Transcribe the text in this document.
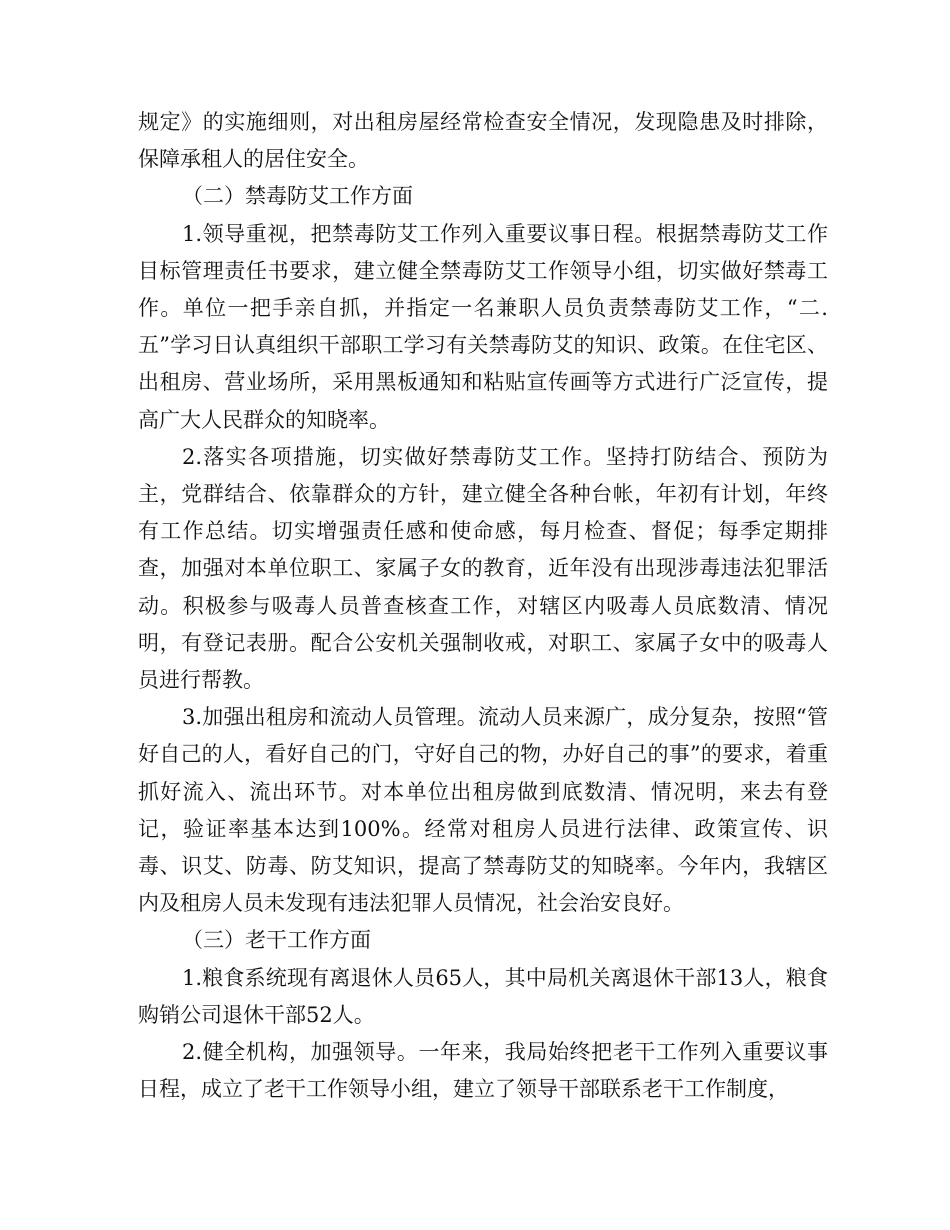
规定》的实施细则，对出租房屋经常检查安全情况，发现隐患及时排除，保障承租人的居住安全。

（二）禁毒防艾工作方面

1.领导重视，把禁毒防艾工作列入重要议事日程。根据禁毒防艾工作目标管理责任书要求，建立健全禁毒防艾工作领导小组，切实做好禁毒工作。单位一把手亲自抓，并指定一名兼职人员负责禁毒防艾工作，“二.五”学习日认真组织干部职工学习有关禁毒防艾的知识、政策。在住宅区、出租房、营业场所，采用黑板通知和粘贴宣传画等方式进行广泛宣传，提高广大人民群众的知晓率。

2.落实各项措施，切实做好禁毒防艾工作。坚持打防结合、预防为主，党群结合、依靠群众的方针，建立健全各种台帐，年初有计划，年终有工作总结。切实增强责任感和使命感，每月检查、督促；每季定期排查，加强对本单位职工、家属子女的教育，近年没有出现涉毒违法犯罪活动。积极参与吸毒人员普查核查工作，对辖区内吸毒人员底数清、情况明，有登记表册。配合公安机关强制收戒，对职工、家属子女中的吸毒人员进行帮教。

3.加强出租房和流动人员管理。流动人员来源广，成分复杂，按照“管好自己的人，看好自己的门，守好自己的物，办好自己的事”的要求，着重抓好流入、流出环节。对本单位出租房做到底数清、情况明，来去有登记，验证率基本达到100%。经常对租房人员进行法律、政策宣传、识毒、识艾、防毒、防艾知识，提高了禁毒防艾的知晓率。今年内，我辖区内及租房人员未发现有违法犯罪人员情况，社会治安良好。

（三）老干工作方面

1.粮食系统现有离退休人员65人，其中局机关离退休干部13人，粮食购销公司退休干部52人。

2.健全机构，加强领导。一年来，我局始终把老干工作列入重要议事日程，成立了老干工作领导小组，建立了领导干部联系老干工作制度，
